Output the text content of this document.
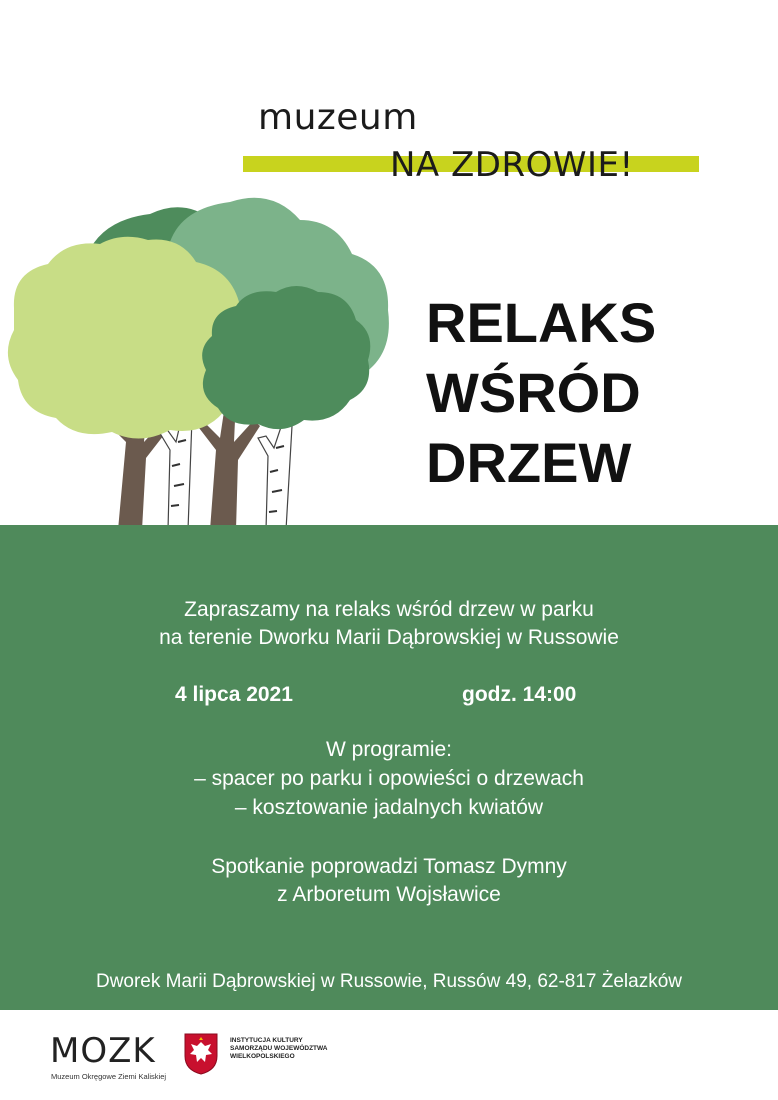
muzeum
NA ZDROWIE!
RELAKS
WŚRÓD
DRZEW
Zapraszamy na relaks wśród drzew w parku
na terenie Dworku Marii Dąbrowskiej w Russowie
4 lipca 2021	godz. 14:00
W programie:
– spacer po parku i opowieści o drzewach
– kosztowanie jadalnych kwiatów
Spotkanie poprowadzi Tomasz Dymny
z Arboretum Wojsławice
Dworek Marii Dąbrowskiej w Russowie, Russów 49, 62-817 Żelazków
MOZK
Muzeum Okręgowe Ziemi Kaliskiej
INSTYTUCJA KULTURY
SAMORZĄDU WOJEWÓDZTWA
WIELKOPOLSKIEGO
